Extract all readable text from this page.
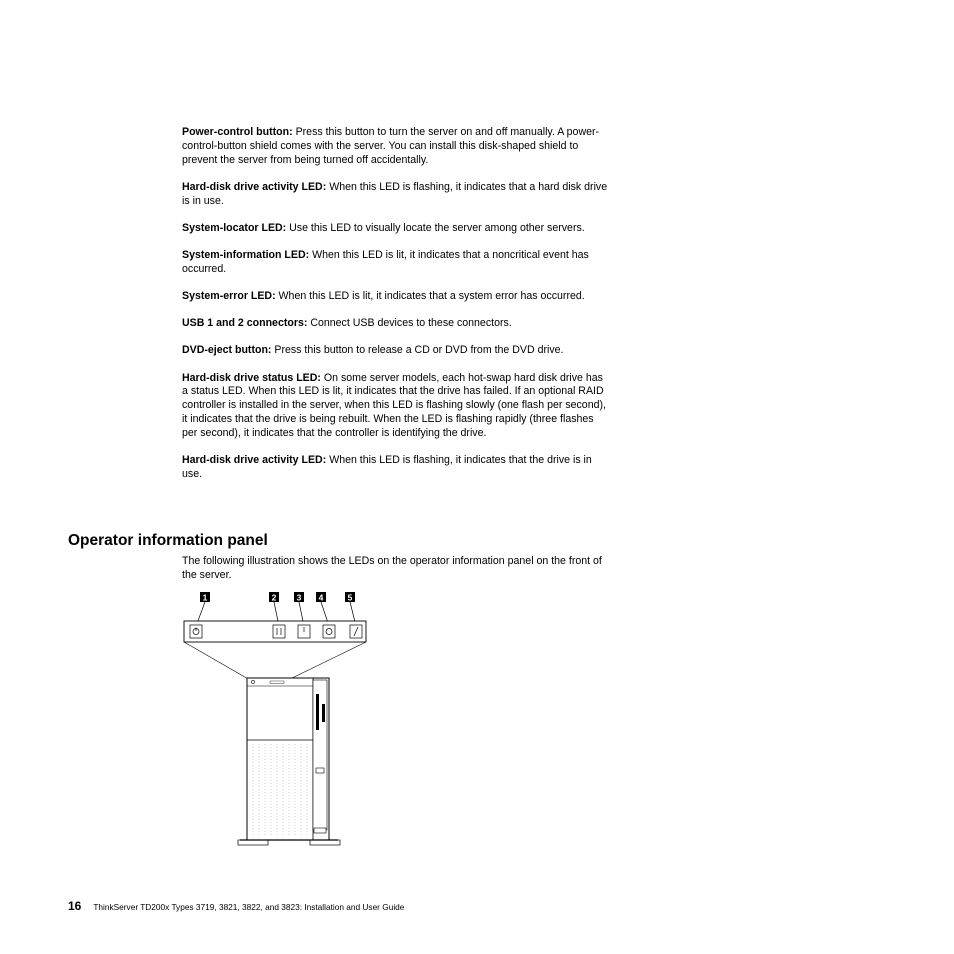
Power-control button: Press this button to turn the server on and off manually. A power-control-button shield comes with the server. You can install this disk-shaped shield to prevent the server from being turned off accidentally.

Hard-disk drive activity LED: When this LED is flashing, it indicates that a hard disk drive is in use.

System-locator LED: Use this LED to visually locate the server among other servers.

System-information LED: When this LED is lit, it indicates that a noncritical event has occurred.

System-error LED: When this LED is lit, it indicates that a system error has occurred.

USB 1 and 2 connectors: Connect USB devices to these connectors.

DVD-eject button: Press this button to release a CD or DVD from the DVD drive.

Hard-disk drive status LED: On some server models, each hot-swap hard disk drive has a status LED. When this LED is lit, it indicates that the drive has failed. If an optional RAID controller is installed in the server, when this LED is flashing slowly (one flash per second), it indicates that the drive is being rebuilt. When the LED is flashing rapidly (three flashes per second), it indicates that the controller is identifying the drive.

Hard-disk drive activity LED: When this LED is flashing, it indicates that the drive is in use.

Operator information panel

The following illustration shows the LEDs on the operator information panel on the front of the server.

1	2 3 4	5
16 ThinkServer TD200x Types 3719, 3821, 3822, and 3823: Installation and User Guide
